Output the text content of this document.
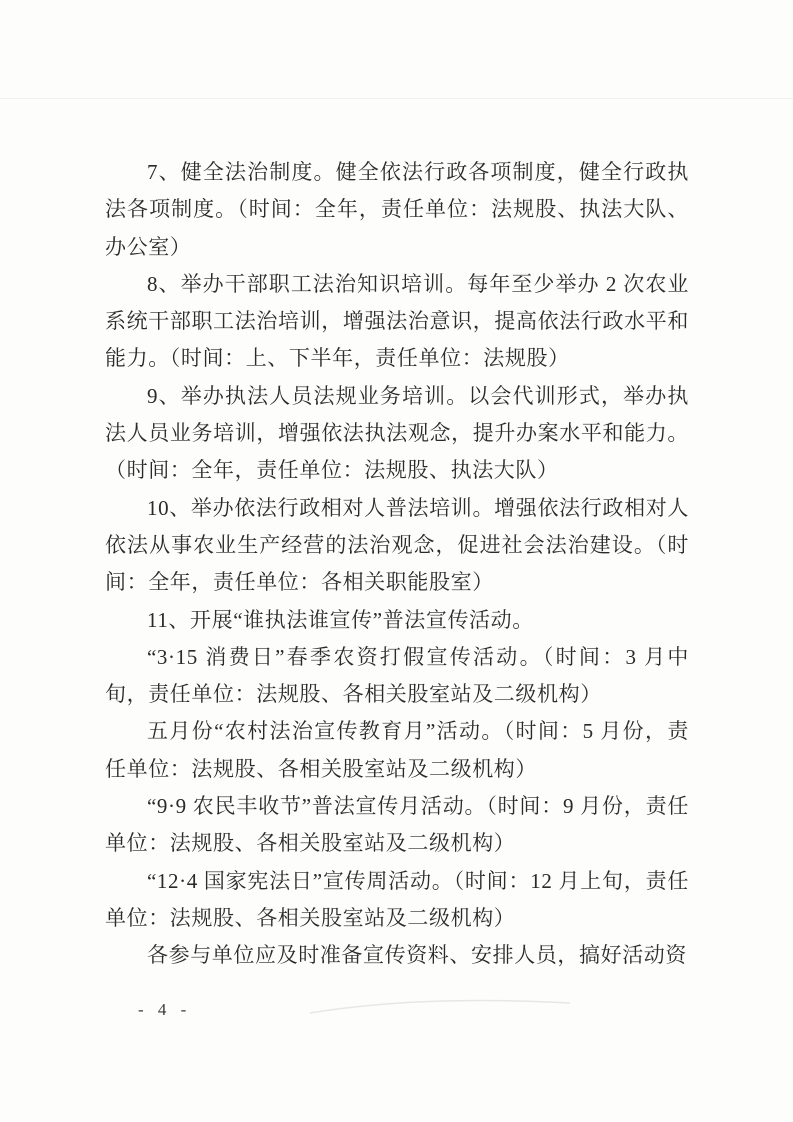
7、健全法治制度。健全依法行政各项制度，健全行政执法各项制度。（时间：全年，责任单位：法规股、执法大队、办公室）

8、举办干部职工法治知识培训。每年至少举办 2 次农业系统干部职工法治培训，增强法治意识，提高依法行政水平和能力。（时间：上、下半年，责任单位：法规股）

9、举办执法人员法规业务培训。以会代训形式，举办执法人员业务培训，增强依法执法观念，提升办案水平和能力。（时间：全年，责任单位：法规股、执法大队）

10、举办依法行政相对人普法培训。增强依法行政相对人依法从事农业生产经营的法治观念，促进社会法治建设。（时间：全年，责任单位：各相关职能股室）

11、开展“谁执法谁宣传”普法宣传活动。

“3·15 消费日”春季农资打假宣传活动。（时间：3 月中旬，责任单位：法规股、各相关股室站及二级机构）

五月份“农村法治宣传教育月”活动。（时间：5 月份，责任单位：法规股、各相关股室站及二级机构）

“9·9 农民丰收节”普法宣传月活动。（时间：9 月份，责任单位：法规股、各相关股室站及二级机构）

“12·4 国家宪法日”宣传周活动。（时间：12 月上旬，责任单位：法规股、各相关股室站及二级机构）

各参与单位应及时准备宣传资料、安排人员，搞好活动资

- 4 -
